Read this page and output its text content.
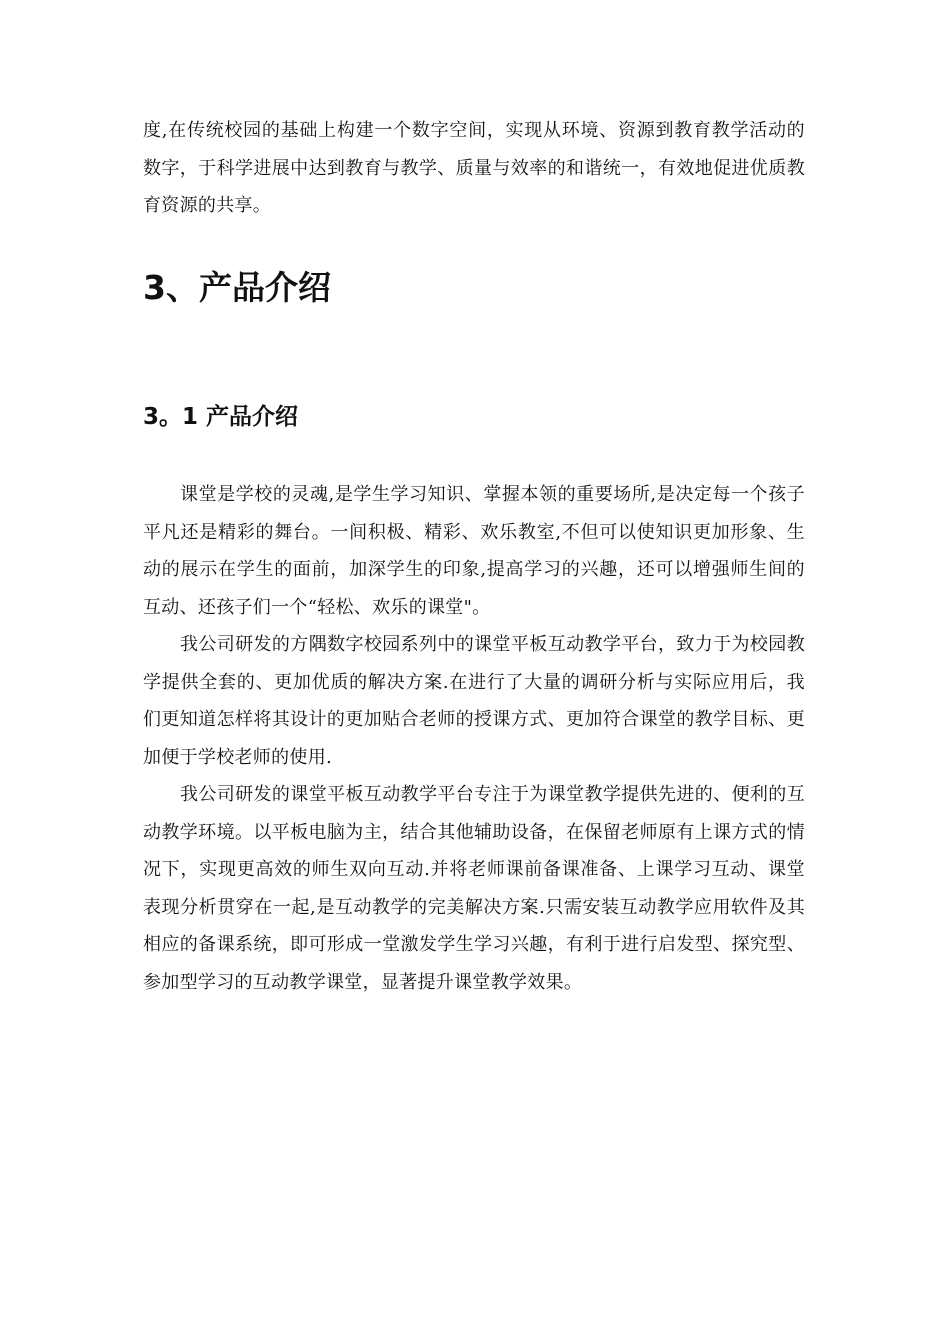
度,在传统校园的基础上构建一个数字空间，实现从环境、资源到教育教学活动的数字，于科学进展中达到教育与教学、质量与效率的和谐统一，有效地促进优质教育资源的共享。

3、产品介绍
3。1 产品介绍

课堂是学校的灵魂,是学生学习知识、掌握本领的重要场所,是决定每一个孩子平凡还是精彩的舞台。一间积极、精彩、欢乐教室,不但可以使知识更加形象、生动的展示在学生的面前，加深学生的印象,提高学习的兴趣，还可以增强师生间的互动、还孩子们一个“轻松、欢乐的课堂"。

我公司研发的方隅数字校园系列中的课堂平板互动教学平台，致力于为校园教学提供全套的、更加优质的解决方案.在进行了大量的调研分析与实际应用后，我们更知道怎样将其设计的更加贴合老师的授课方式、更加符合课堂的教学目标、更加便于学校老师的使用.

我公司研发的课堂平板互动教学平台专注于为课堂教学提供先进的、便利的互动教学环境。以平板电脑为主，结合其他辅助设备，在保留老师原有上课方式的情况下，实现更高效的师生双向互动.并将老师课前备课准备、上课学习互动、课堂表现分析贯穿在一起,是互动教学的完美解决方案.只需安装互动教学应用软件及其相应的备课系统，即可形成一堂激发学生学习兴趣，有利于进行启发型、探究型、参加型学习的互动教学课堂，显著提升课堂教学效果。
